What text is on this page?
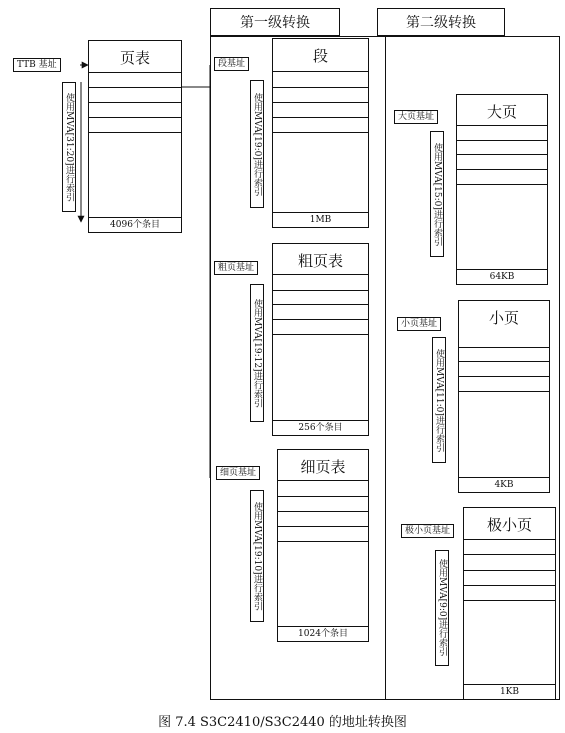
第一级转换	第二级转换
TTB 基址
使用MVA[31:20]进行索引
页表
4096个条目
段基址
使用MVA[19:0]进行索引
段
1MB
粗页基址
使用MVA[19:12]进行索引
粗页表
256个条目
细页基址
使用MVA[19:10]进行索引
细页表
1024个条目
大页基址
使用MVA[15:0]进行索引
大页
64KB
小页基址
使用MVA[11:0]进行索引
小页
4KB
极小页基址
使用MVA[9:0]进行索引
极小页
1KB
图 7.4 S3C2410/S3C2440 的地址转换图
